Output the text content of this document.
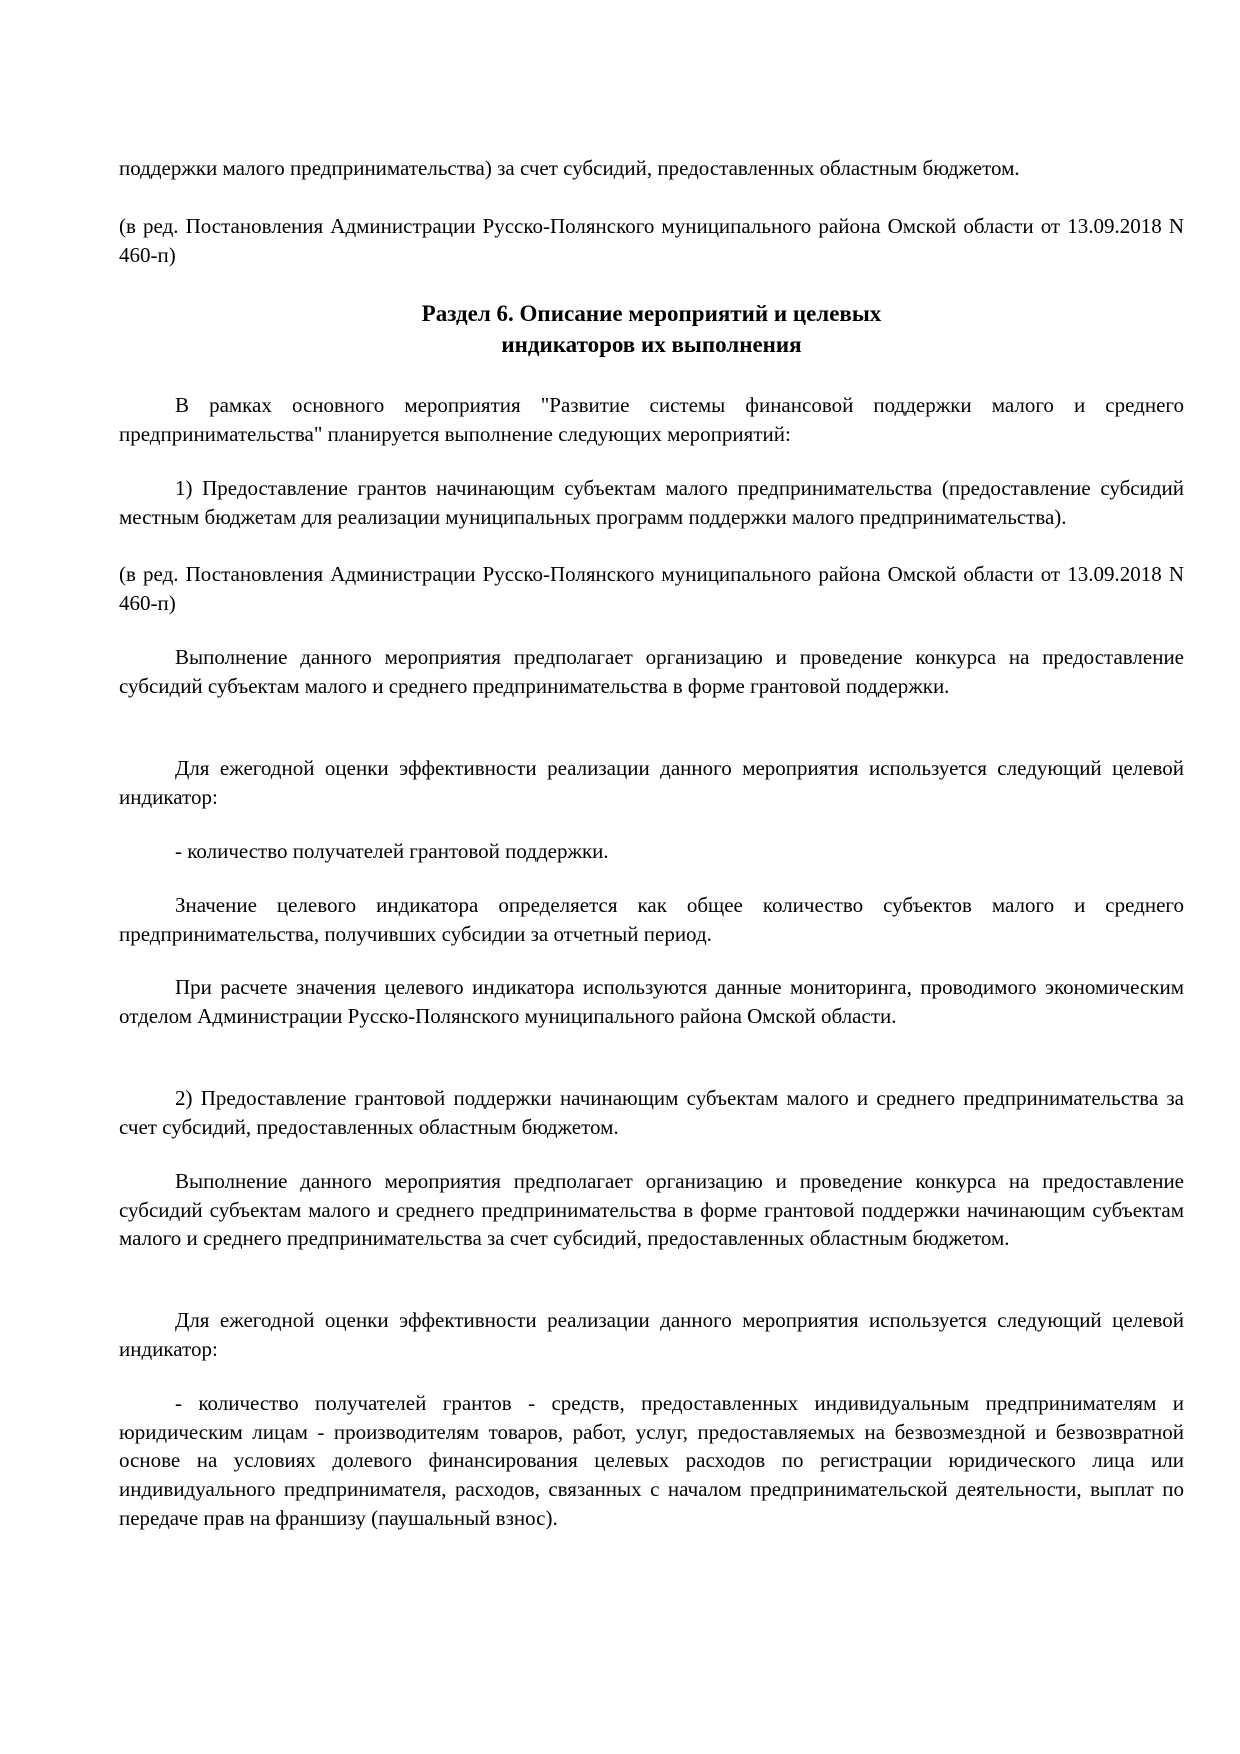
поддержки малого предпринимательства) за счет субсидий, предоставленных областным бюджетом.

(в ред. Постановления Администрации Русско-Полянского муниципального района Омской области от 13.09.2018 N 460-п)

Раздел 6. Описание мероприятий и целевых
индикаторов их выполнения

В рамках основного мероприятия "Развитие системы финансовой поддержки малого и среднего предпринимательства" планируется выполнение следующих мероприятий:

1) Предоставление грантов начинающим субъектам малого предпринимательства (предоставление субсидий местным бюджетам для реализации муниципальных программ поддержки малого предпринимательства).

(в ред. Постановления Администрации Русско-Полянского муниципального района Омской области от 13.09.2018 N 460-п)

Выполнение данного мероприятия предполагает организацию и проведение конкурса на предоставление субсидий субъектам малого и среднего предпринимательства в форме грантовой поддержки.

Для ежегодной оценки эффективности реализации данного мероприятия используется следующий целевой индикатор:

- количество получателей грантовой поддержки.

Значение целевого индикатора определяется как общее количество субъектов малого и среднего предпринимательства, получивших субсидии за отчетный период.

При расчете значения целевого индикатора используются данные мониторинга, проводимого экономическим отделом Администрации Русско-Полянского муниципального района Омской области.

2) Предоставление грантовой поддержки начинающим субъектам малого и среднего предпринимательства за счет субсидий, предоставленных областным бюджетом.

Выполнение данного мероприятия предполагает организацию и проведение конкурса на предоставление субсидий субъектам малого и среднего предпринимательства в форме грантовой поддержки начинающим субъектам малого и среднего предпринимательства за счет субсидий, предоставленных областным бюджетом.

Для ежегодной оценки эффективности реализации данного мероприятия используется следующий целевой индикатор:

- количество получателей грантов - средств, предоставленных индивидуальным предпринимателям и юридическим лицам - производителям товаров, работ, услуг, предоставляемых на безвозмездной и безвозвратной основе на условиях долевого финансирования целевых расходов по регистрации юридического лица или индивидуального предпринимателя, расходов, связанных с началом предпринимательской деятельности, выплат по передаче прав на франшизу (паушальный взнос).
